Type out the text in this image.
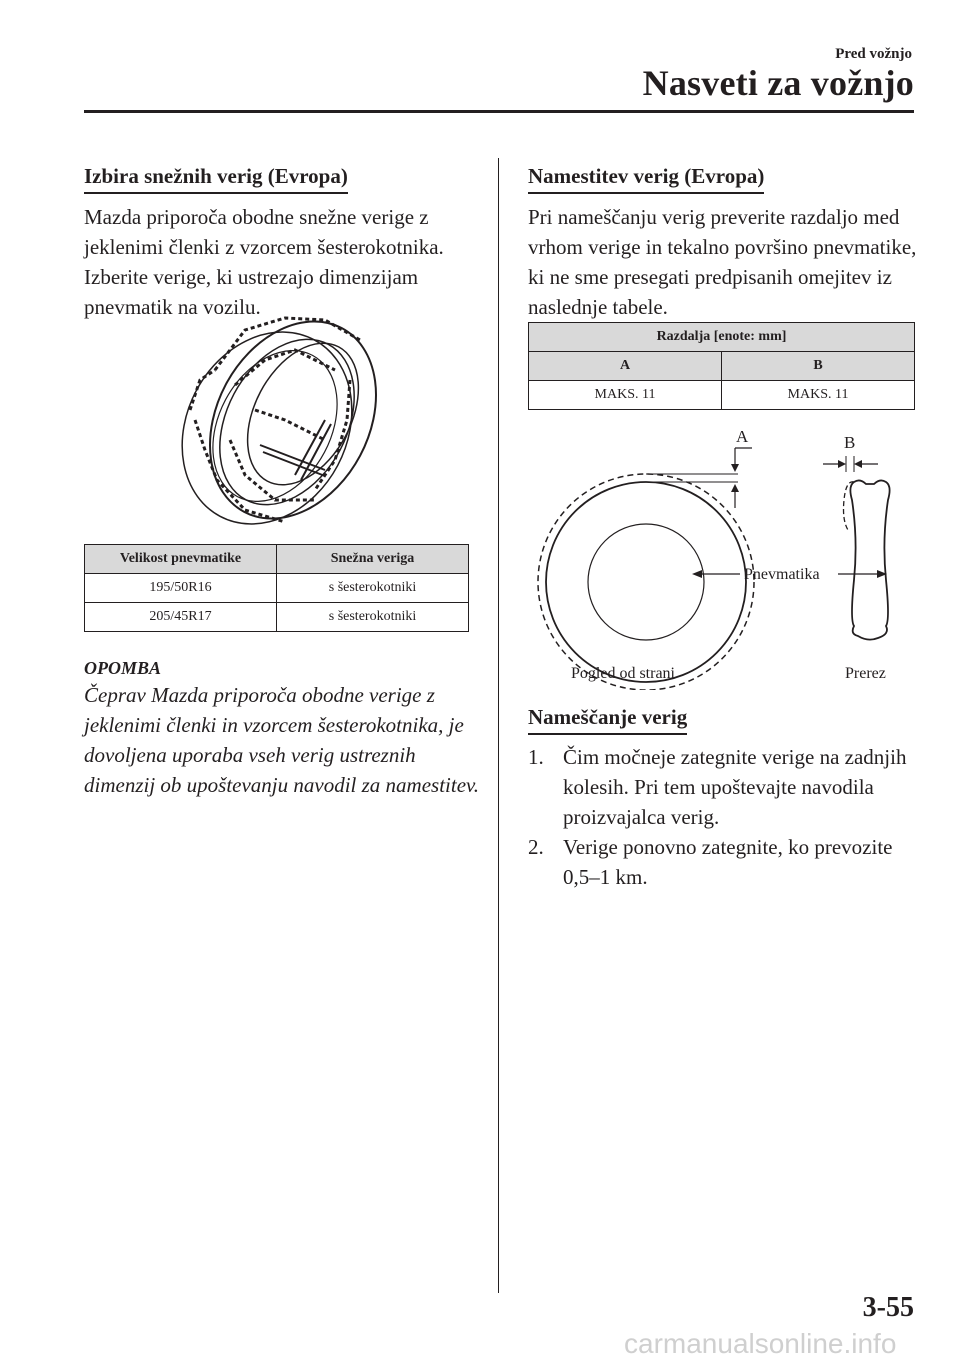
Pred vožnjo
Nasveti za vožnjo
Izbira snežnih verig (Evropa)
Mazda priporoča obodne snežne verige z jeklenimi členki z vzorcem šesterokotnika. Izberite verige, ki ustrezajo dimenzijam pnevmatik na vozilu.
Velikost pnevmatike	Snežna veriga
195/50R16	s šesterokotniki
205/45R17	s šesterokotniki
OPOMBA
Čeprav Mazda priporoča obodne verige z jeklenimi členki in vzorcem šesterokotnika, je dovoljena uporaba vseh verig ustreznih dimenzij ob upoštevanju navodil za namestitev.
Namestitev verig (Evropa)
Pri nameščanju verig preverite razdaljo med vrhom verige in tekalno površino pnevmatike, ki ne sme presegati predpisanih omejitev iz naslednje tabele.
Razdalja [enote: mm]	
A	B
MAKS. 11	MAKS. 11
A	B
Pnevmatika
Pogled od strani	Prerez
Nameščanje verig
1. Čim močneje zategnite verige na zadnjih kolesih. Pri tem upoštevajte navodila proizvajalca verig.
2. Verige ponovno zategnite, ko prevozite 0,5–1 km.
3-55
carmanualsonline.info
